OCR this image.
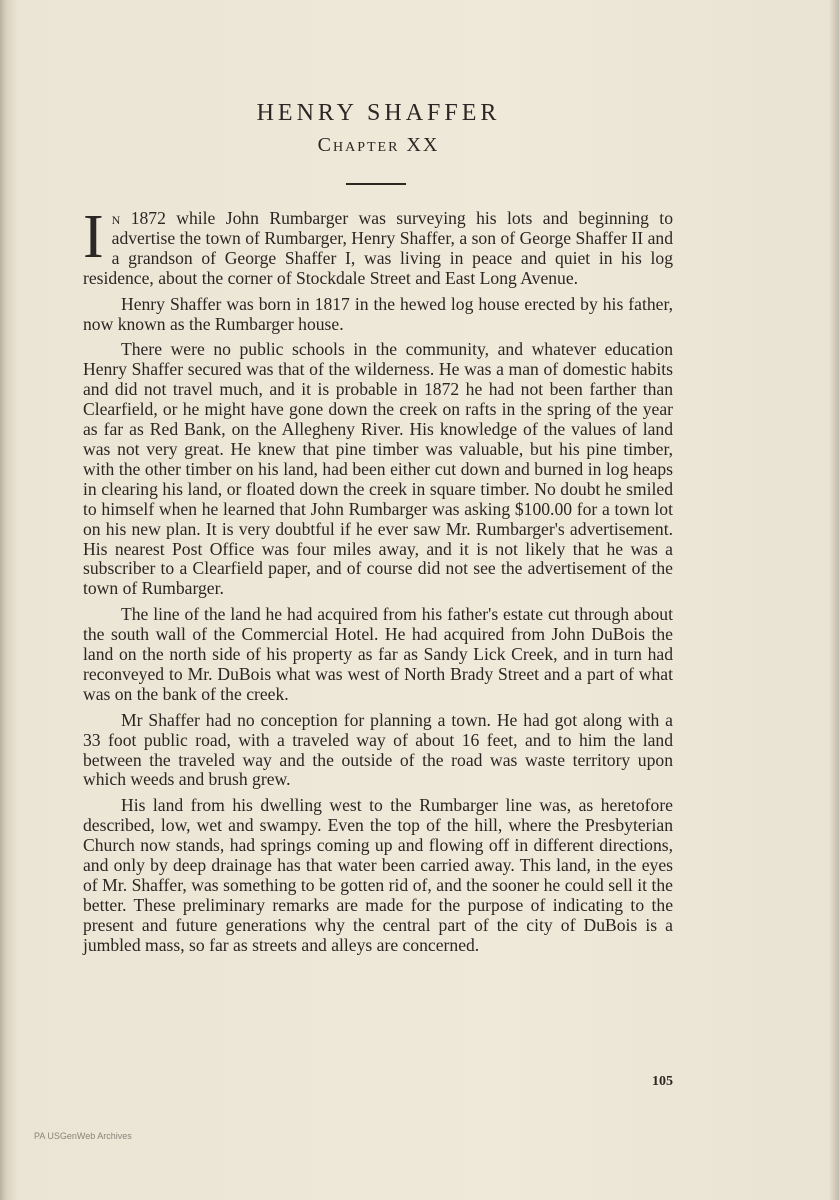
HENRY SHAFFER
Chapter XX

In 1872 while John Rumbarger was surveying his lots and beginning to advertise the town of Rumbarger, Henry Shaffer, a son of George Shaffer II and a grandson of George Shaffer I, was living in peace and quiet in his log residence, about the corner of Stockdale Street and East Long Avenue.

Henry Shaffer was born in 1817 in the hewed log house erected by his father, now known as the Rumbarger house.

There were no public schools in the community, and whatever education Henry Shaffer secured was that of the wilderness. He was a man of domestic habits and did not travel much, and it is probable in 1872 he had not been farther than Clearfield, or he might have gone down the creek on rafts in the spring of the year as far as Red Bank, on the Allegheny River. His knowledge of the values of land was not very great. He knew that pine timber was valuable, but his pine timber, with the other timber on his land, had been either cut down and burned in log heaps in clearing his land, or floated down the creek in square timber. No doubt he smiled to himself when he learned that John Rumbarger was asking $100.00 for a town lot on his new plan. It is very doubtful if he ever saw Mr. Rumbarger's advertisement. His nearest Post Office was four miles away, and it is not likely that he was a subscriber to a Clearfield paper, and of course did not see the advertisement of the town of Rumbarger.

The line of the land he had acquired from his father's estate cut through about the south wall of the Commercial Hotel. He had acquired from John DuBois the land on the north side of his property as far as Sandy Lick Creek, and in turn had reconveyed to Mr. DuBois what was west of North Brady Street and a part of what was on the bank of the creek.

Mr Shaffer had no conception for planning a town. He had got along with a 33 foot public road, with a traveled way of about 16 feet, and to him the land between the traveled way and the outside of the road was waste territory upon which weeds and brush grew.

His land from his dwelling west to the Rumbarger line was, as heretofore described, low, wet and swampy. Even the top of the hill, where the Presbyterian Church now stands, had springs coming up and flowing off in different directions, and only by deep drainage has that water been carried away. This land, in the eyes of Mr. Shaffer, was something to be gotten rid of, and the sooner he could sell it the better. These preliminary remarks are made for the purpose of indicating to the present and future generations why the central part of the city of DuBois is a jumbled mass, so far as streets and alleys are concerned.

105
PA USGenWeb Archives
